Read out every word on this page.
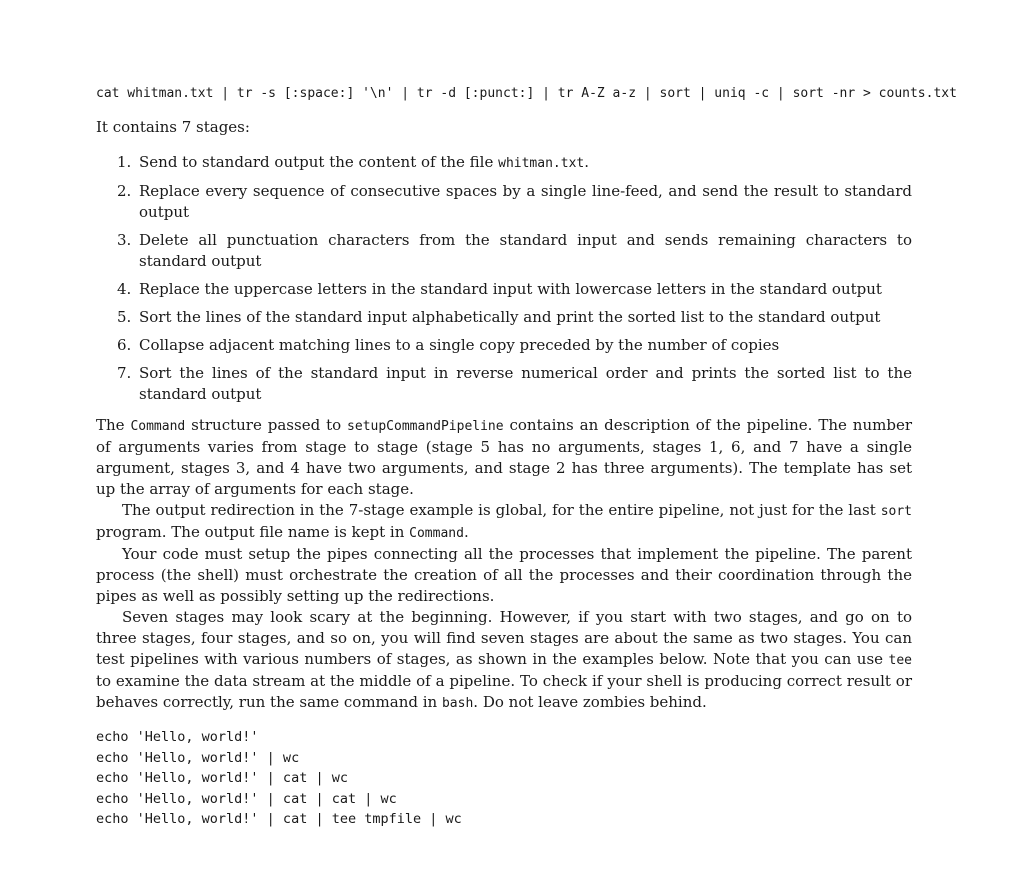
cat whitman.txt | tr -s [:space:] '\n' | tr -d [:punct:] | tr A-Z a-z | sort | uniq -c | sort -nr > counts.txt
It contains 7 stages:
1. Send to standard output the content of the file whitman.txt.
2. Replace every sequence of consecutive spaces by a single line-feed, and send the result to standard output
3. Delete all punctuation characters from the standard input and sends remaining characters to standard output
4. Replace the uppercase letters in the standard input with lowercase letters in the standard output
5. Sort the lines of the standard input alphabetically and print the sorted list to the standard output
6. Collapse adjacent matching lines to a single copy preceded by the number of copies
7. Sort the lines of the standard input in reverse numerical order and prints the sorted list to the standard output

The Command structure passed to setupCommandPipeline contains an description of the pipeline. The number of arguments varies from stage to stage (stage 5 has no arguments, stages 1, 6, and 7 have a single argument, stages 3, and 4 have two arguments, and stage 2 has three arguments). The template has set up the array of arguments for each stage.

The output redirection in the 7-stage example is global, for the entire pipeline, not just for the last sort program. The output file name is kept in Command.

Your code must setup the pipes connecting all the processes that implement the pipeline. The parent process (the shell) must orchestrate the creation of all the processes and their coordination through the pipes as well as possibly setting up the redirections.

Seven stages may look scary at the beginning. However, if you start with two stages, and go on to three stages, four stages, and so on, you will find seven stages are about the same as two stages. You can test pipelines with various numbers of stages, as shown in the examples below. Note that you can use tee to examine the data stream at the middle of a pipeline. To check if your shell is producing correct result or behaves correctly, run the same command in bash. Do not leave zombies behind.

echo 'Hello, world!'
echo 'Hello, world!' | wc
echo 'Hello, world!' | cat | wc
echo 'Hello, world!' | cat | cat | wc
echo 'Hello, world!' | cat | tee tmpfile | wc
